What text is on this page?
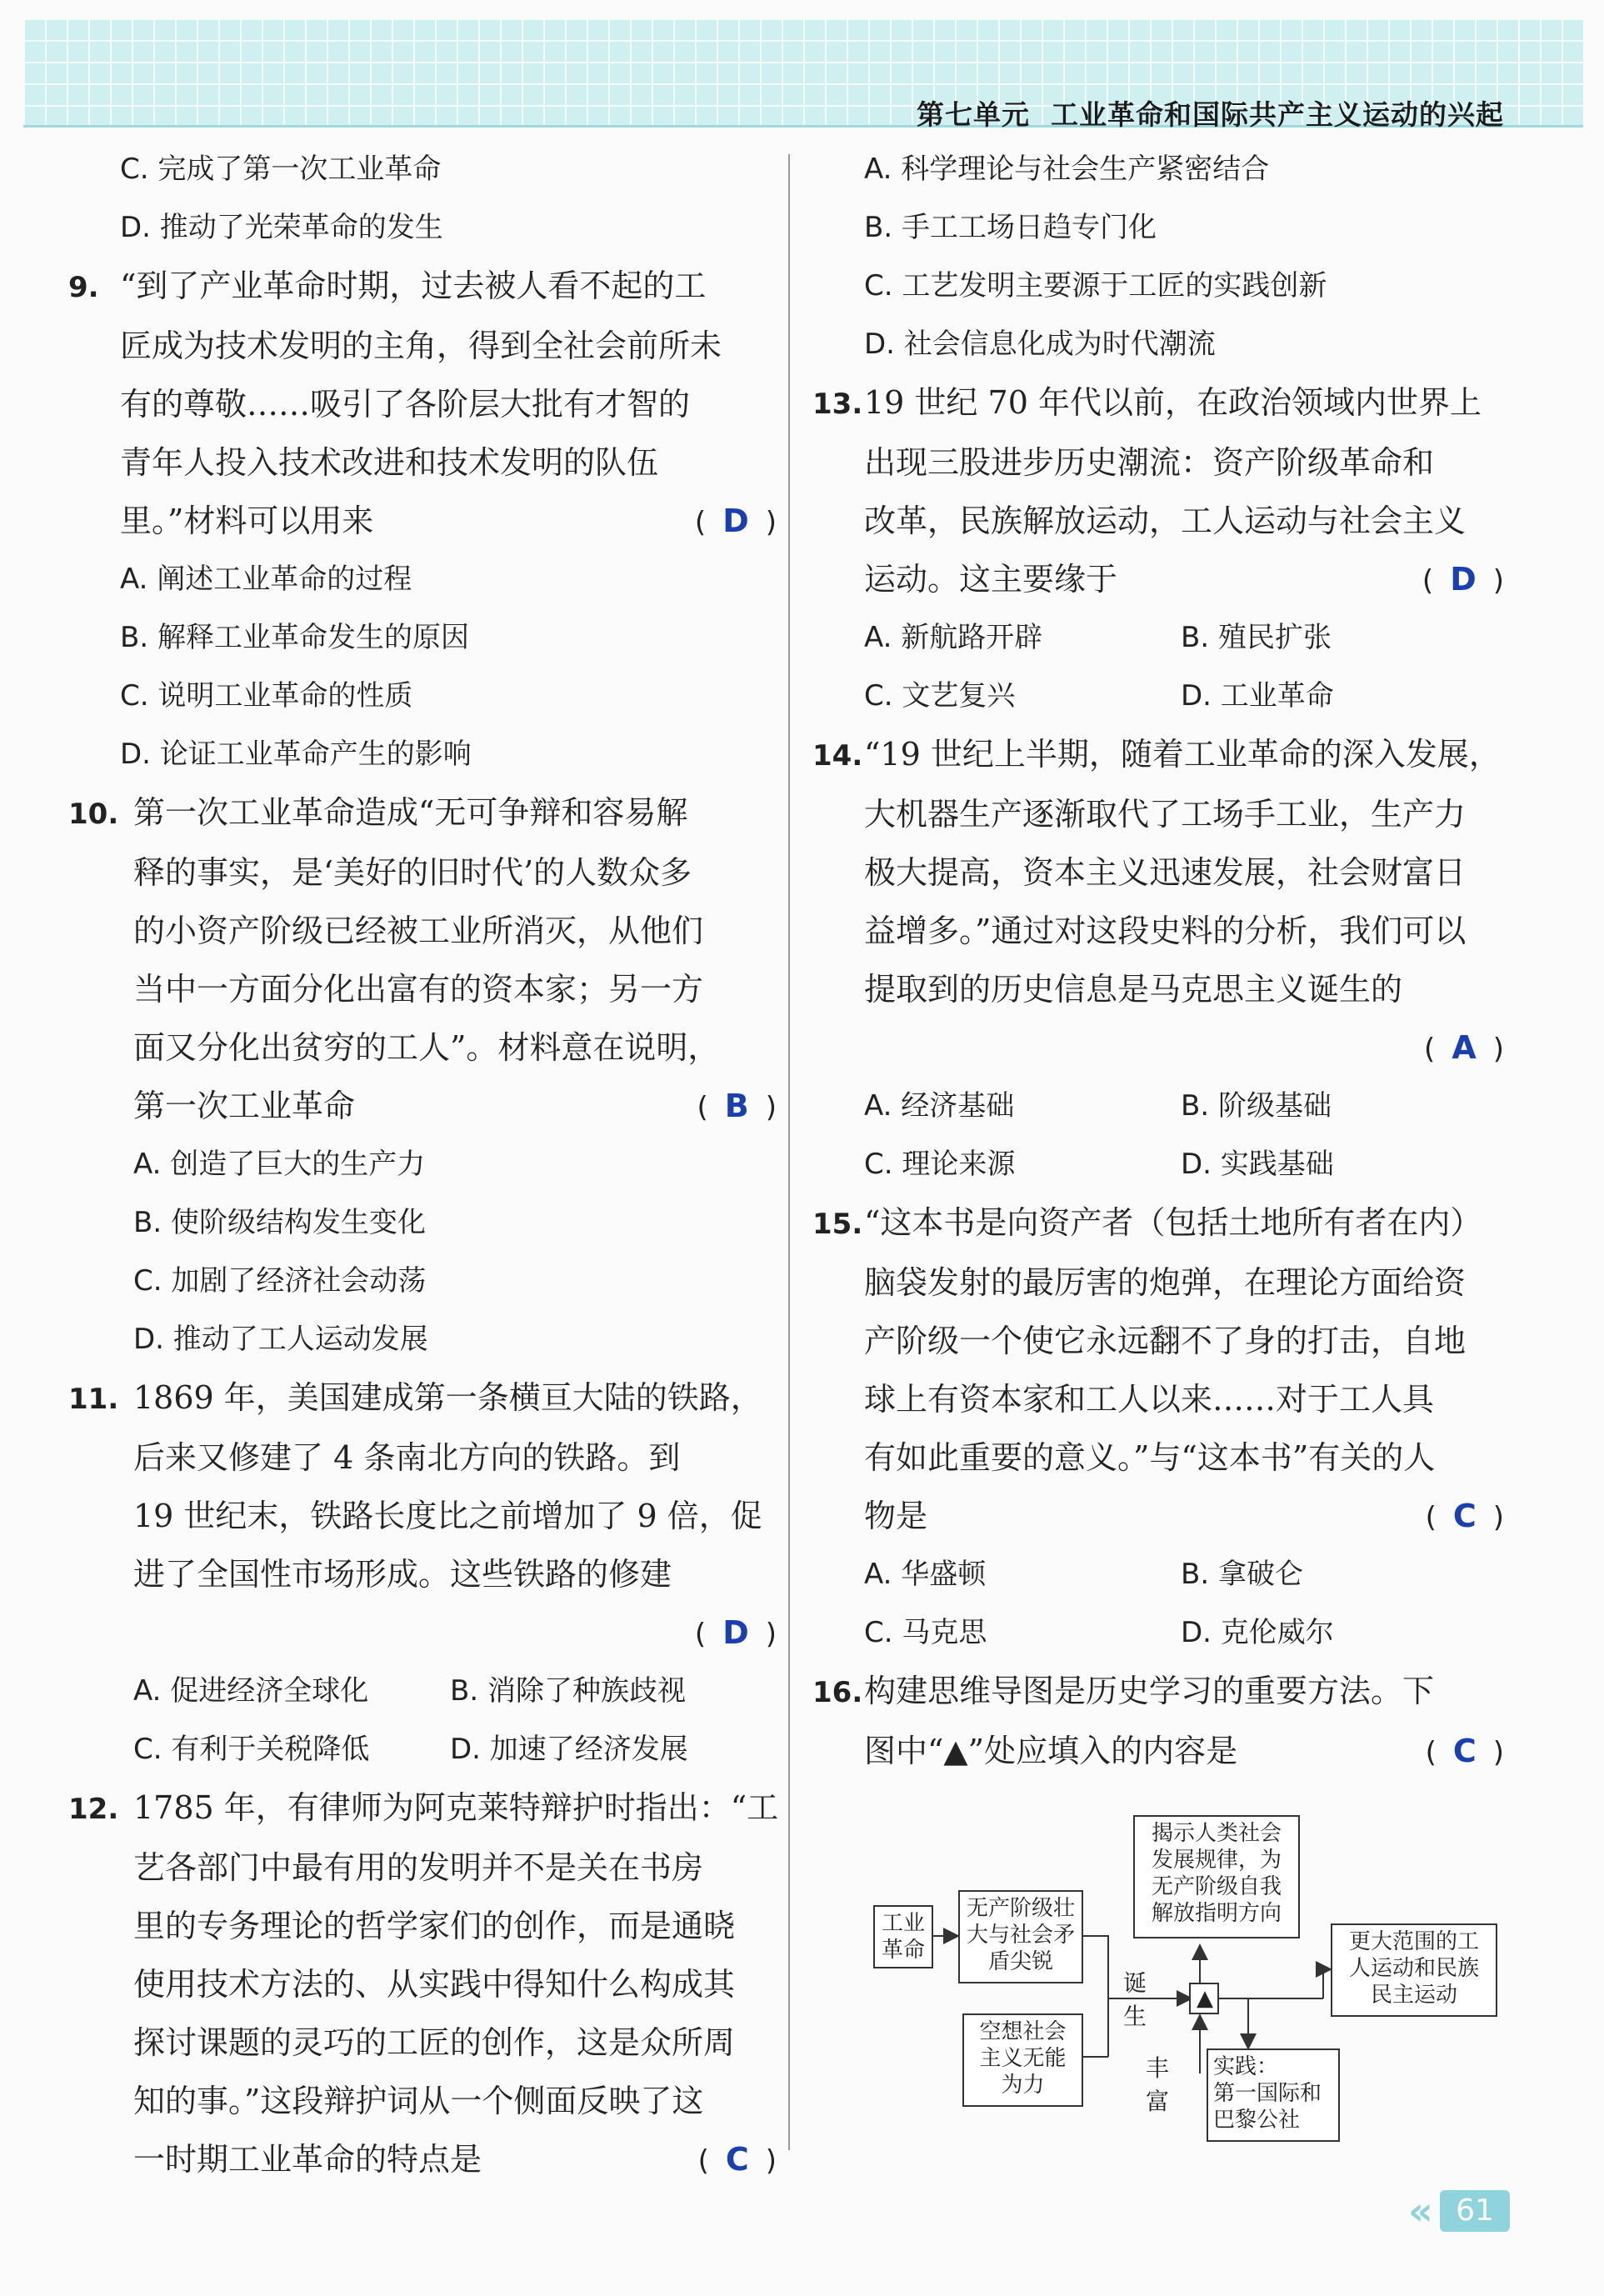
第七单元  工业革命和国际共产主义运动的兴起
C. 完成了第一次工业革命
D. 推动了光荣革命的发生
9. “到了产业革命时期，过去被人看不起的工
匠成为技术发明的主角，得到全社会前所未
有的尊敬……吸引了各阶层大批有才智的
青年人投入技术改进和技术发明的队伍
里。”材料可以用来	( D )
A. 阐述工业革命的过程
B. 解释工业革命发生的原因
C. 说明工业革命的性质
D. 论证工业革命产生的影响
10. 第一次工业革命造成“无可争辩和容易解
释的事实，是‘美好的旧时代’的人数众多
的小资产阶级已经被工业所消灭，从他们
当中一方面分化出富有的资本家；另一方
面又分化出贫穷的工人”。材料意在说明，
第一次工业革命	( B )
A. 创造了巨大的生产力
B. 使阶级结构发生变化
C. 加剧了经济社会动荡
D. 推动了工人运动发展
11. 1869 年，美国建成第一条横亘大陆的铁路，
后来又修建了 4 条南北方向的铁路。到
19 世纪末，铁路长度比之前增加了 9 倍，促
进了全国性市场形成。这些铁路的修建
( D )

A. 促进经济全球化	B. 消除了种族歧视
C. 有利于关税降低	D. 加速了经济发展
12. 1785 年，有律师为阿克莱特辩护时指出：“工
艺各部门中最有用的发明并不是关在书房
里的专务理论的哲学家们的创作，而是通晓
使用技术方法的、从实践中得知什么构成其
探讨课题的灵巧的工匠的创作，这是众所周
知的事。”这段辩护词从一个侧面反映了这
一时期工业革命的特点是	( C )
A. 科学理论与社会生产紧密结合
B. 手工工场日趋专门化
C. 工艺发明主要源于工匠的实践创新
D. 社会信息化成为时代潮流
13.19 世纪 70 年代以前，在政治领域内世界上
出现三股进步历史潮流：资产阶级革命和
改革，民族解放运动，工人运动与社会主义
运动。这主要缘于	( D )
A. 新航路开辟	B. 殖民扩张
C. 文艺复兴	D. 工业革命
14.“19 世纪上半期，随着工业革命的深入发展，
大机器生产逐渐取代了工场手工业，生产力
极大提高，资本主义迅速发展，社会财富日
益增多。”通过对这段史料的分析，我们可以
提取到的历史信息是马克思主义诞生的
( A )

A. 经济基础	B. 阶级基础
C. 理论来源	D. 实践基础
15.“这本书是向资产者（包括土地所有者在内）
脑袋发射的最厉害的炮弹，在理论方面给资
产阶级一个使它永远翻不了身的打击，自地
球上有资本家和工人以来……对于工人具
有如此重要的意义。”与“这本书”有关的人
物是	( C )
A. 华盛顿	B. 拿破仑
C. 马克思	D. 克伦威尔
16.构建思维导图是历史学习的重要方法。下
图中“▲”处应填入的内容是	( C )
▲
工业
革命
无产阶级壮
大与社会矛
盾尖锐
空想社会
主义无能
为力
揭示人类社会
发展规律，为
无产阶级自我
解放指明方向
更大范围的工
人运动和民族
民主运动
实践：
第一国际和
巴黎公社
诞生
丰富
« 61
